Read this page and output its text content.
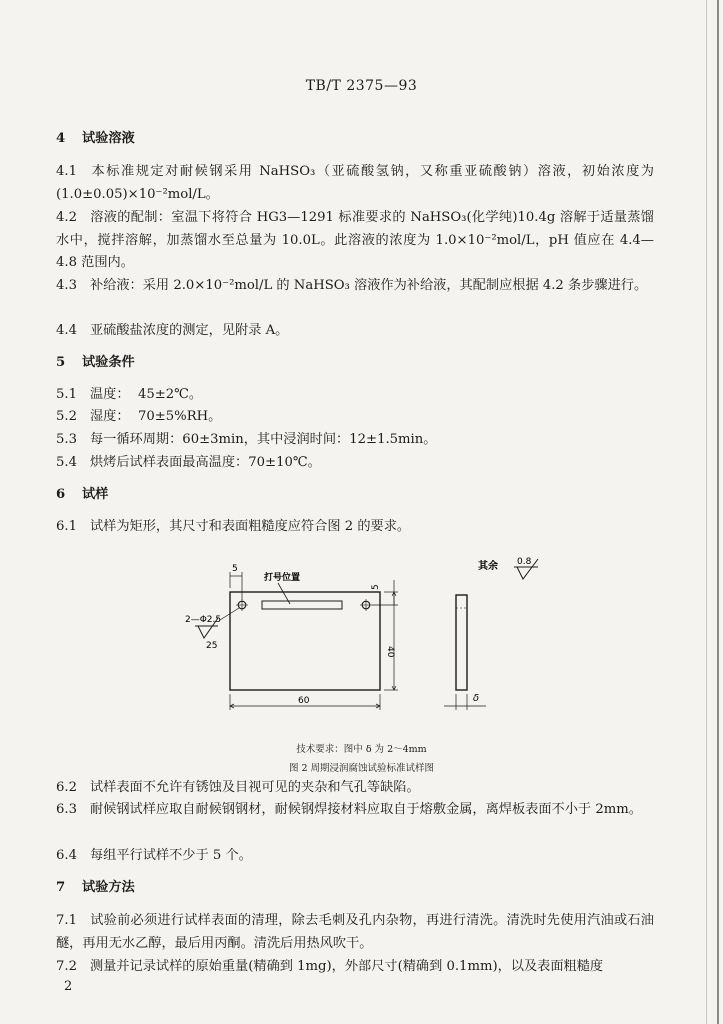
TB/T 2375—93
4 试验溶液
4.1 本标准规定对耐候钢采用 NaHSO₃（亚硫酸氢钠，又称重亚硫酸钠）溶液，初始浓度为(1.0±0.05)×10⁻²mol/L。
4.2 溶液的配制：室温下将符合 HG3—1291 标准要求的 NaHSO₃(化学纯)10.4g 溶解于适量蒸馏水中，搅拌溶解，加蒸馏水至总量为 10.0L。此溶液的浓度为 1.0×10⁻²mol/L，pH 值应在 4.4—4.8 范围内。
4.3 补给液：采用 2.0×10⁻²mol/L 的 NaHSO₃ 溶液作为补给液，其配制应根据 4.2 条步骤进行。
4.4 亚硫酸盐浓度的测定，见附录 A。
5 试验条件
5.1 温度： 45±2℃。
5.2 湿度： 70±5%RH。
5.3 每一循环周期：60±3min，其中浸润时间：12±1.5min。
5.4 烘烤后试样表面最高温度：70±10℃。
6 试样
6.1 试样为矩形，其尺寸和表面粗糙度应符合图 2 的要求。
其余 0.8
打号位置
5
5
40
60
2—Φ2.5
25
δ
技术要求：图中 δ 为 2～4mm
图 2 周期浸润腐蚀试验标准试样图
6.2 试样表面不允许有锈蚀及目视可见的夹杂和气孔等缺陷。
6.3 耐候钢试样应取自耐候钢钢材，耐候钢焊接材料应取自于熔敷金属，离焊板表面不小于 2mm。
6.4 每组平行试样不少于 5 个。
7 试验方法
7.1 试验前必须进行试样表面的清理，除去毛刺及孔内杂物，再进行清洗。清洗时先使用汽油或石油醚，再用无水乙醇，最后用丙酮。清洗后用热风吹干。
7.2 测量并记录试样的原始重量(精确到 1mg)，外部尺寸(精确到 0.1mm)，以及表面粗糙度
2
